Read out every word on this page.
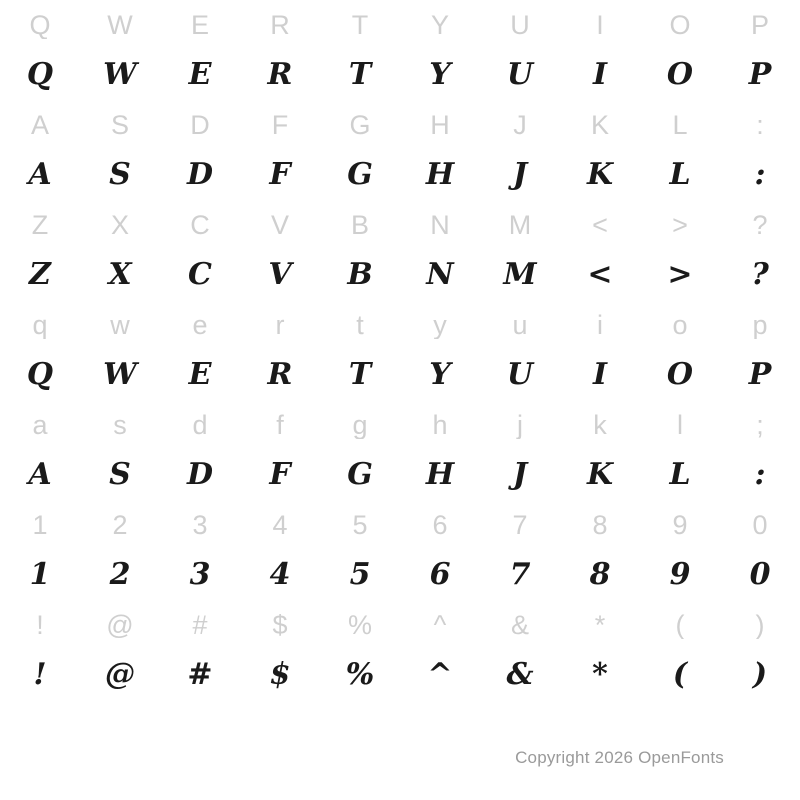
Q	W	E	R	T	Y	U	I	O	P
Q	W	E	R	T	Y	U	I	O	P
A	S	D	F	G	H	J	K	L	:
A	S	D	F	G	H	J	K	L	:
Z	X	C	V	B	N	M	<	>	?
Z	X	C	V	B	N	M	<	>	?
q	w	e	r	t	y	u	i	o	p
Q	W	E	R	T	Y	U	I	O	P
a	s	d	f	g	h	j	k	l	;
A	S	D	F	G	H	J	K	L	:
1	2	3	4	5	6	7	8	9	0
1	2	3	4	5	6	7	8	9	0
!	@	#	$	%	^	&	*	(	)
!	@	#	$	%	^	&	*	(	)
Copyright 2026 OpenFonts
